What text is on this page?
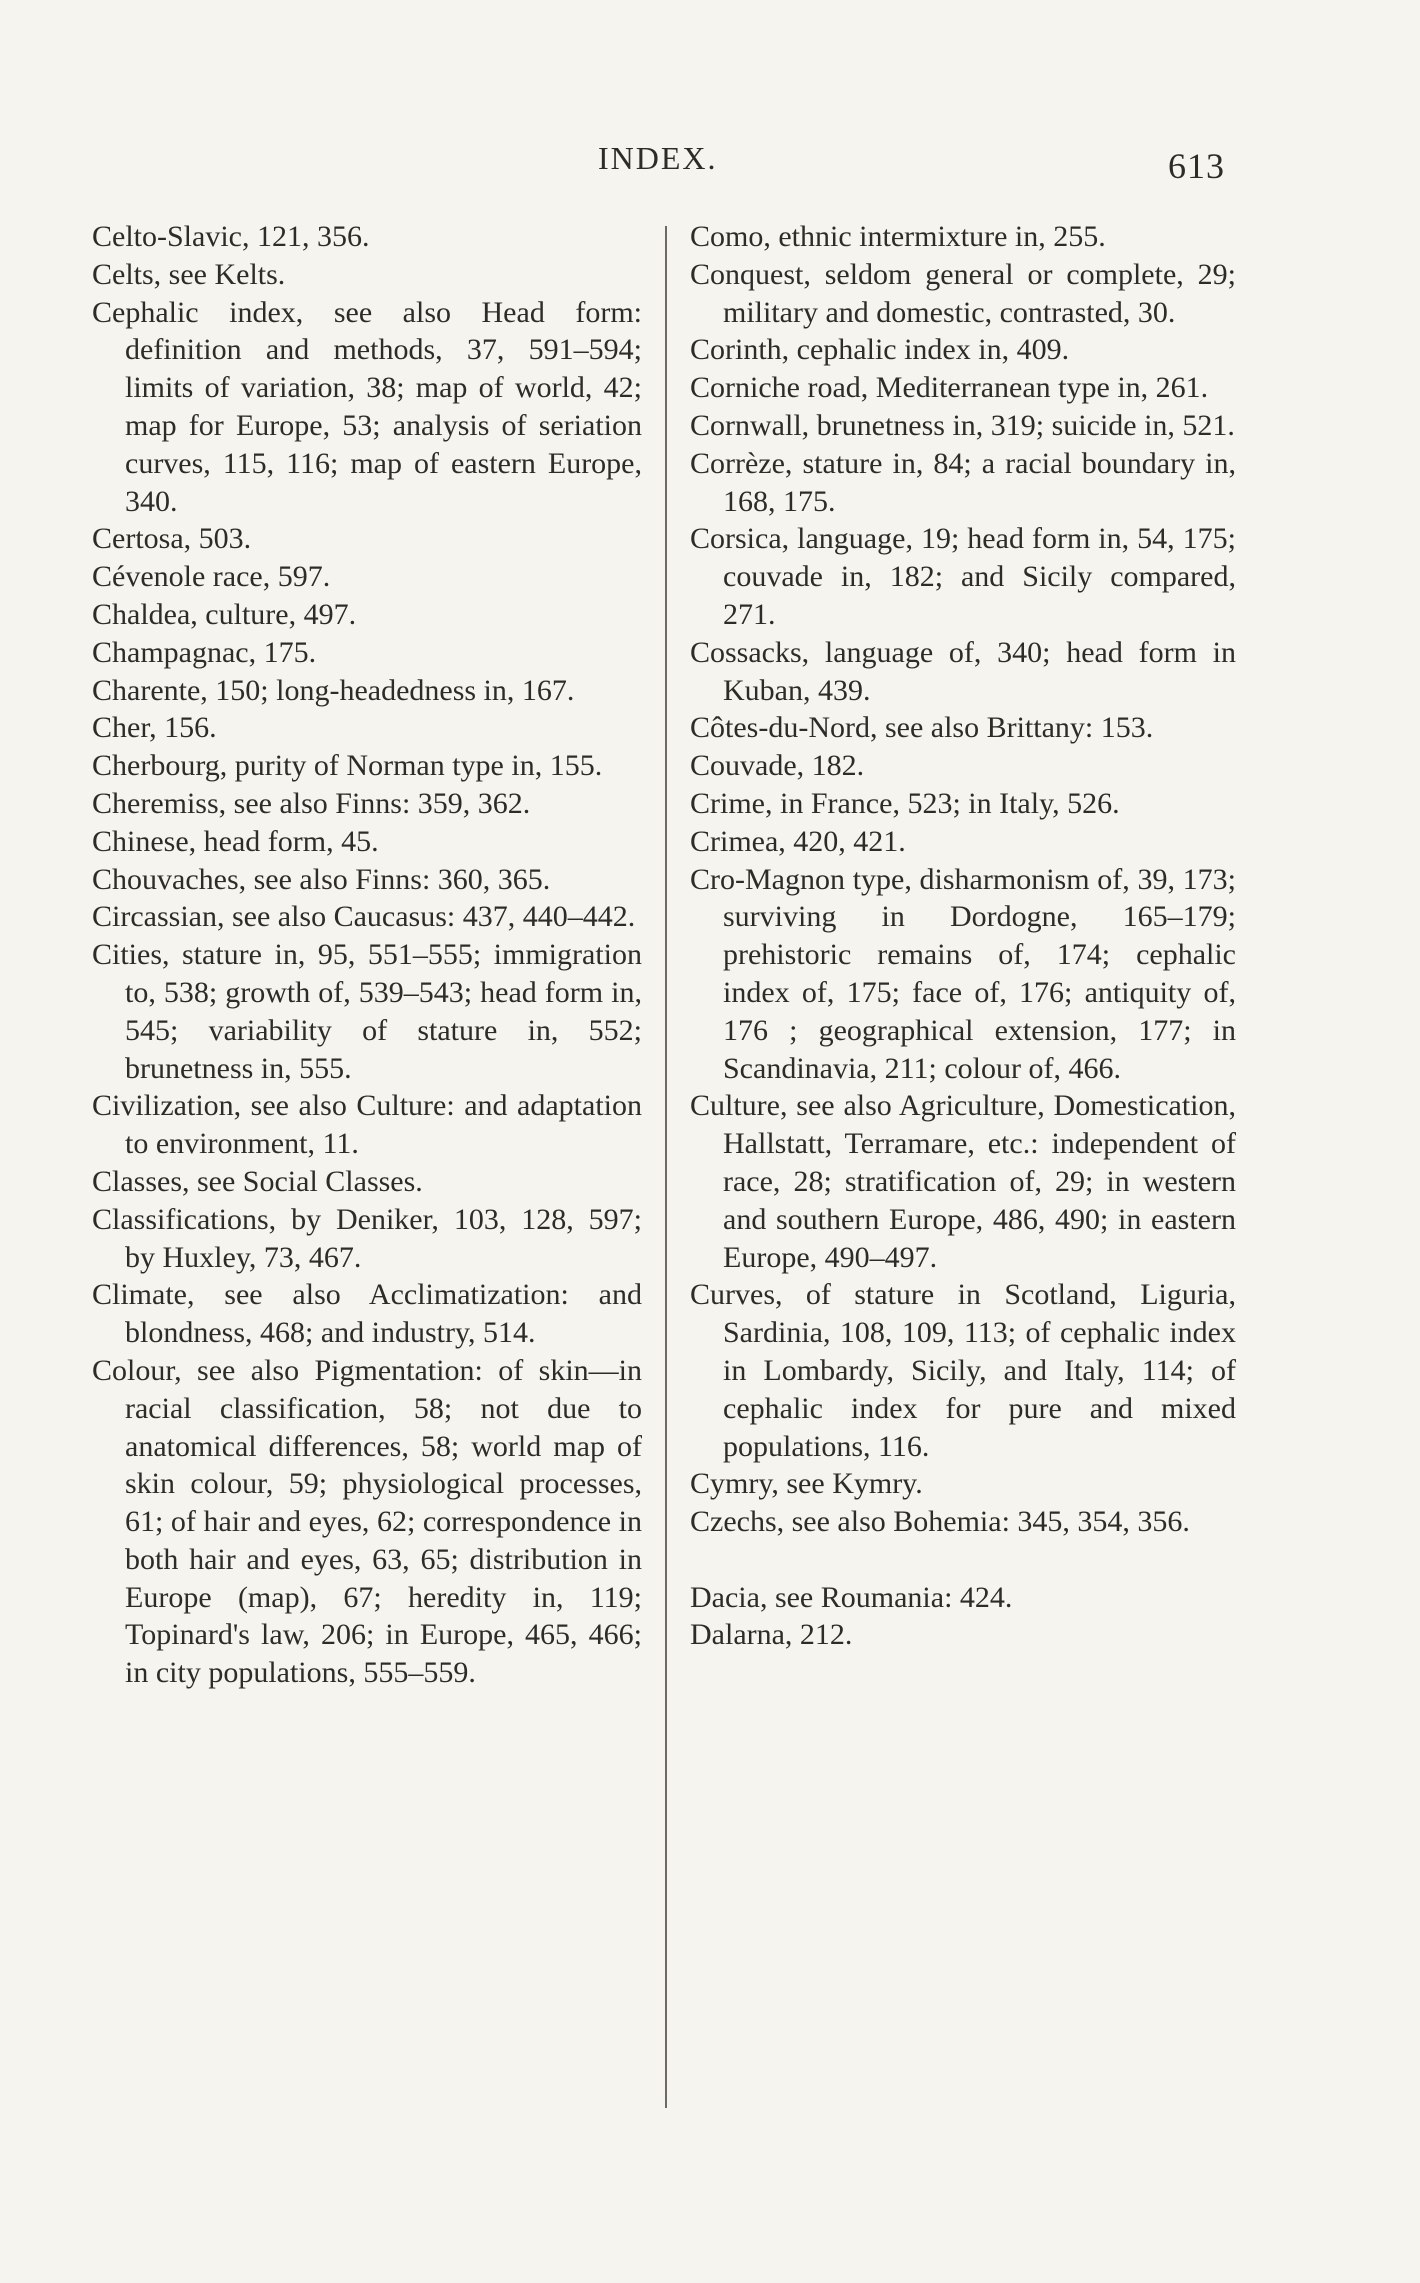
INDEX.	613

Celto-Slavic, 121, 356.

Celts, see Kelts.

Cephalic index, see also Head form: definition and methods, 37, 591–594; limits of variation, 38; map of world, 42; map for Europe, 53; analysis of seriation curves, 115, 116; map of eastern Europe, 340.

Certosa, 503.

Cévenole race, 597.

Chaldea, culture, 497.

Champagnac, 175.

Charente, 150; long-headedness in, 167.

Cher, 156.

Cherbourg, purity of Norman type in, 155.

Cheremiss, see also Finns: 359, 362.

Chinese, head form, 45.

Chouvaches, see also Finns: 360, 365.

Circassian, see also Caucasus: 437, 440–442.

Cities, stature in, 95, 551–555; immigration to, 538; growth of, 539–543; head form in, 545; variability of stature in, 552; brunetness in, 555.

Civilization, see also Culture: and adaptation to environment, 11.

Classes, see Social Classes.

Classifications, by Deniker, 103, 128, 597; by Huxley, 73, 467.

Climate, see also Acclimatization: and blondness, 468; and industry, 514.

Colour, see also Pigmentation: of skin—in racial classification, 58; not due to anatomical differences, 58; world map of skin colour, 59; physiological processes, 61; of hair and eyes, 62; correspondence in both hair and eyes, 63, 65; distribution in Europe (map), 67; heredity in, 119; Topinard's law, 206; in Europe, 465, 466; in city populations, 555–559.

Como, ethnic intermixture in, 255.

Conquest, seldom general or complete, 29; military and domestic, contrasted, 30.

Corinth, cephalic index in, 409.

Corniche road, Mediterranean type in, 261.

Cornwall, brunetness in, 319; suicide in, 521.

Corrèze, stature in, 84; a racial boundary in, 168, 175.

Corsica, language, 19; head form in, 54, 175; couvade in, 182; and Sicily compared, 271.

Cossacks, language of, 340; head form in Kuban, 439.

Côtes-du-Nord, see also Brittany: 153.

Couvade, 182.

Crime, in France, 523; in Italy, 526.

Crimea, 420, 421.

Cro-Magnon type, disharmonism of, 39, 173; surviving in Dordogne, 165–179; prehistoric remains of, 174; cephalic index of, 175; face of, 176; antiquity of, 176 ; geographical extension, 177; in Scandinavia, 211; colour of, 466.

Culture, see also Agriculture, Domestication, Hallstatt, Terramare, etc.: independent of race, 28; stratification of, 29; in western and southern Europe, 486, 490; in eastern Europe, 490–497.

Curves, of stature in Scotland, Liguria, Sardinia, 108, 109, 113; of cephalic index in Lombardy, Sicily, and Italy, 114; of cephalic index for pure and mixed populations, 116.

Cymry, see Kymry.

Czechs, see also Bohemia: 345, 354, 356.

Dacia, see Roumania: 424.

Dalarna, 212.
